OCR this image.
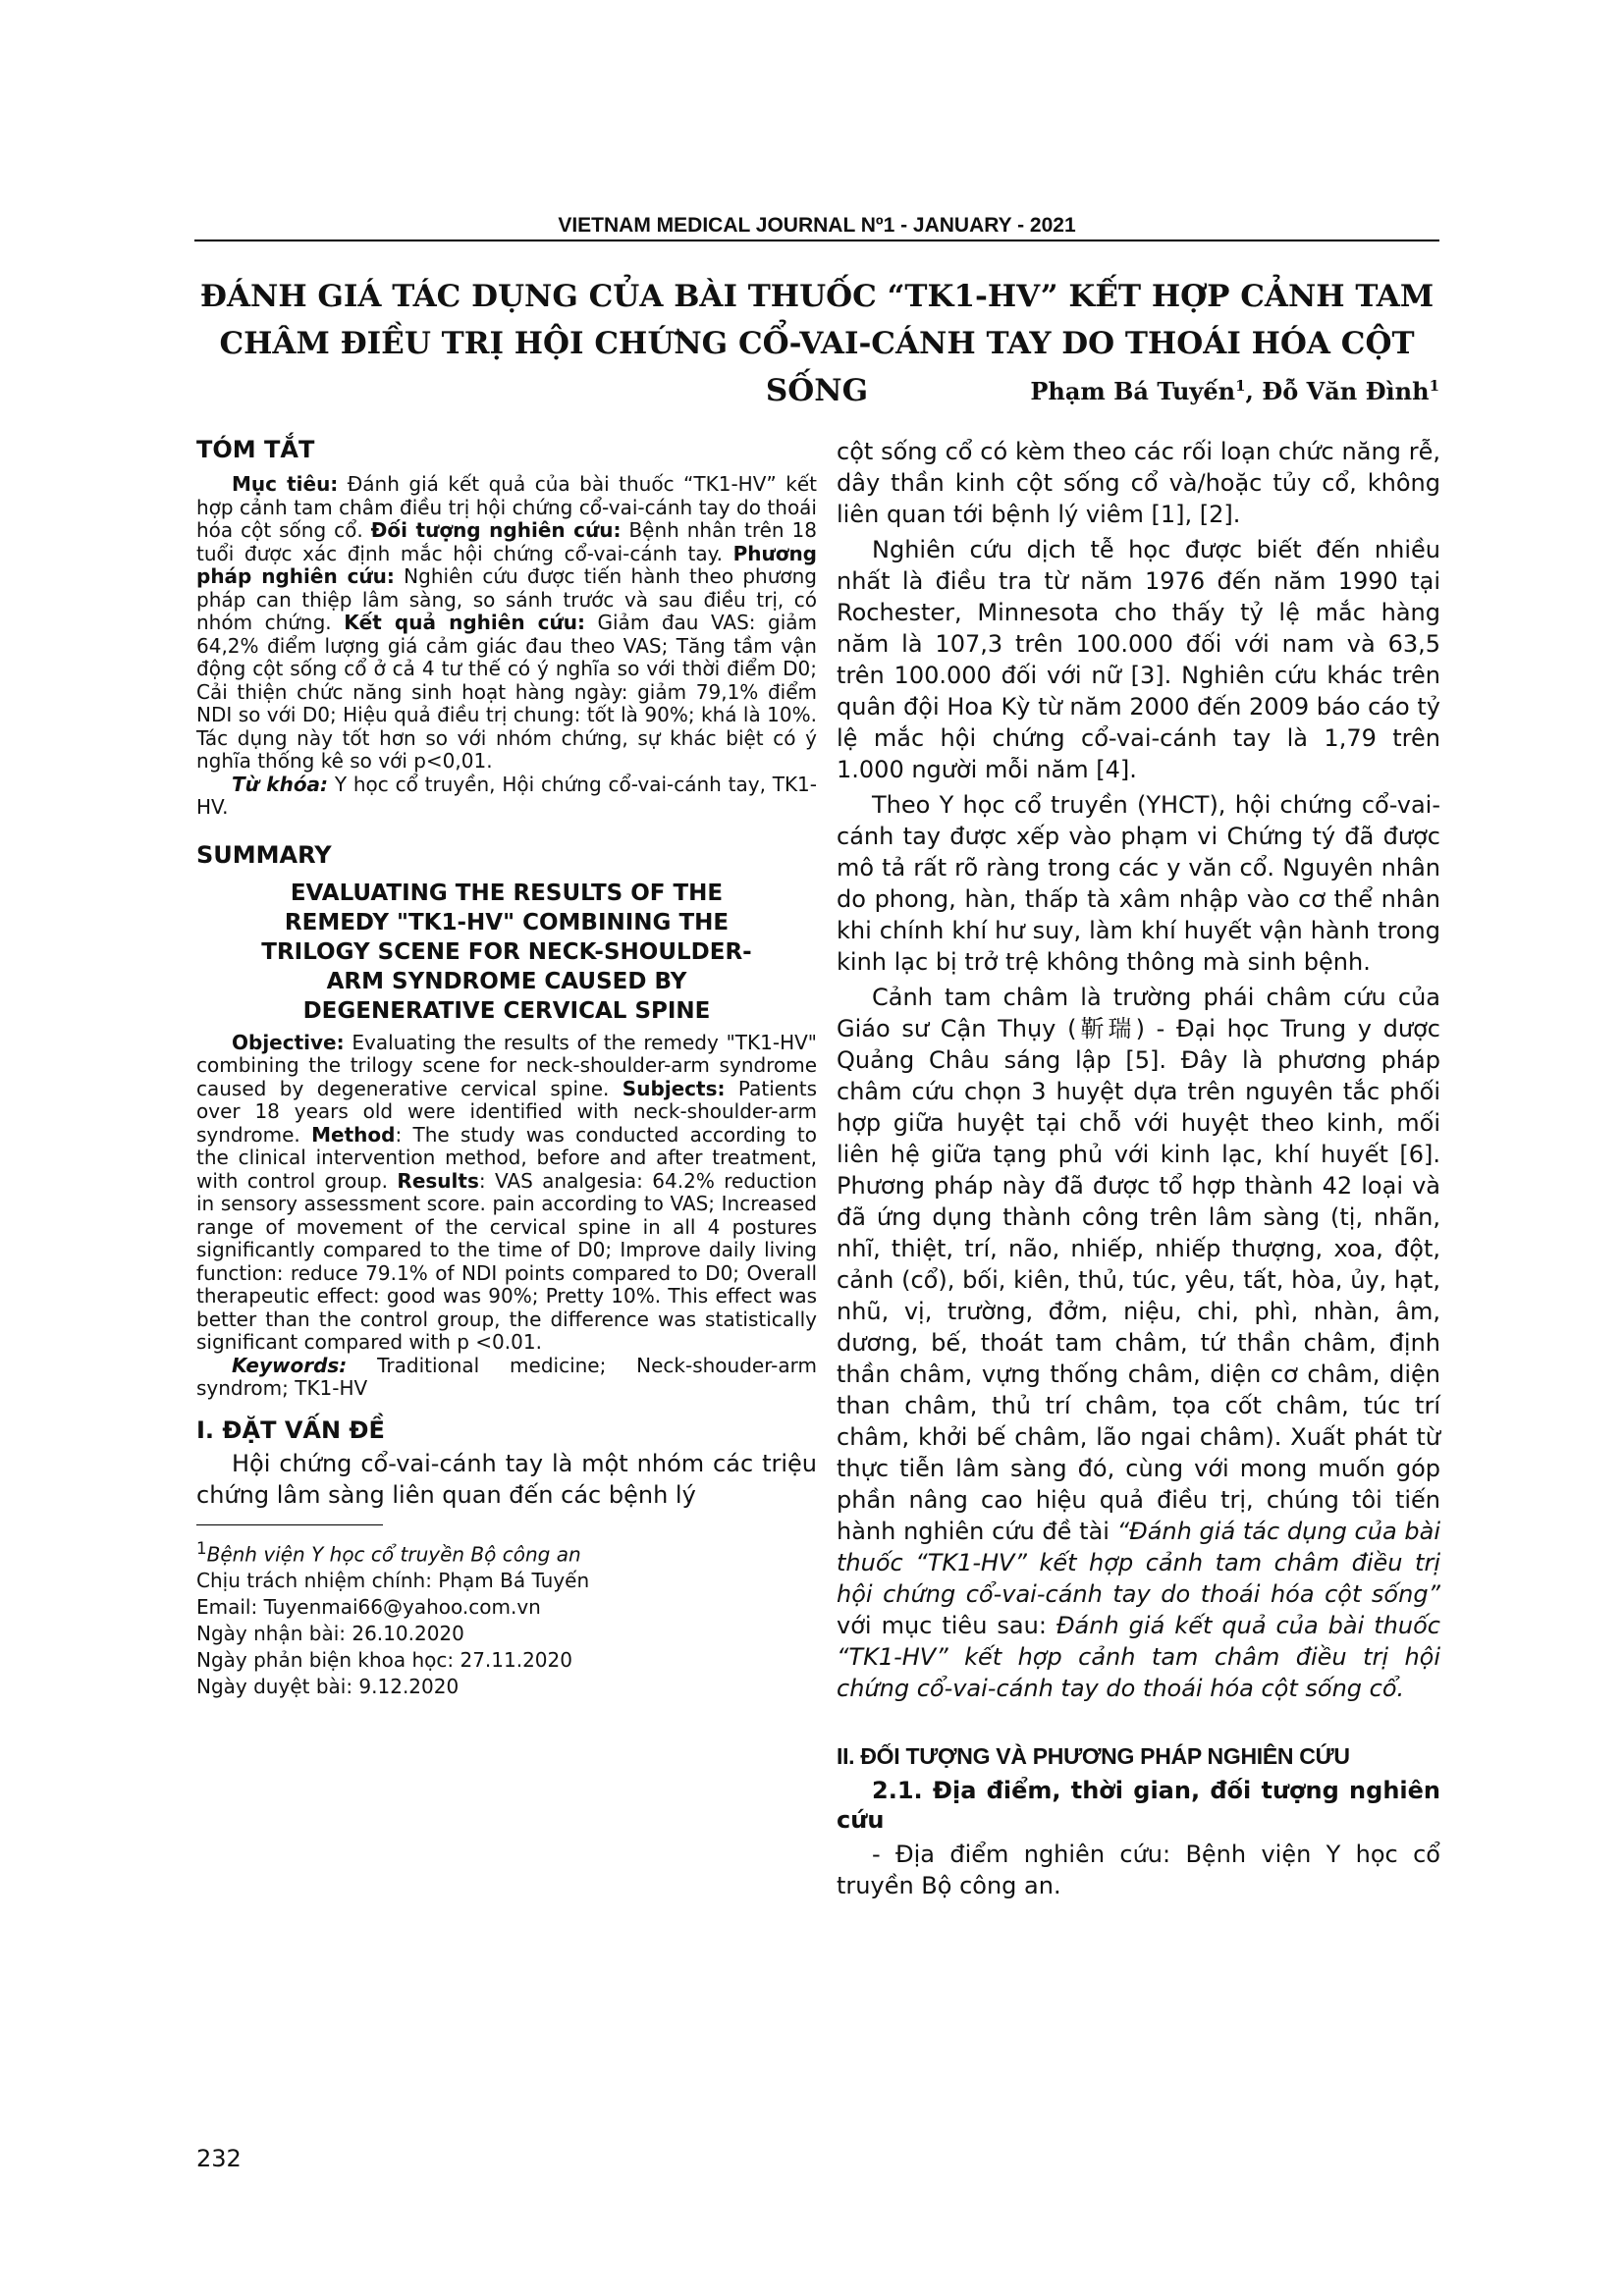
VIETNAM MEDICAL JOURNAL Nº1 - JANUARY - 2021
ĐÁNH GIÁ TÁC DỤNG CỦA BÀI THUỐC “TK1-HV” KẾT HỢP CẢNH TAM
CHÂM ĐIỀU TRỊ HỘI CHỨNG CỔ-VAI-CÁNH TAY DO THOÁI HÓA CỘT SỐNG	Phạm Bá Tuyến$^1$, Đỗ Văn Đình$^1$
TÓM TẮT

Mục tiêu: Đánh giá kết quả của bài thuốc “TK1-HV” kết hợp cảnh tam châm điều trị hội chứng cổ-vai-cánh tay do thoái hóa cột sống cổ. Đối tượng nghiên cứu: Bệnh nhân trên 18 tuổi được xác định mắc hội chứng cổ-vai-cánh tay. Phương pháp nghiên cứu: Nghiên cứu được tiến hành theo phương pháp can thiệp lâm sàng, so sánh trước và sau điều trị, có nhóm chứng. Kết quả nghiên cứu: Giảm đau VAS: giảm 64,2% điểm lượng giá cảm giác đau theo VAS; Tăng tầm vận động cột sống cổ ở cả 4 tư thế có ý nghĩa so với thời điểm D0; Cải thiện chức năng sinh hoạt hàng ngày: giảm 79,1% điểm NDI so với D0; Hiệu quả điều trị chung: tốt là 90%; khá là 10%. Tác dụng này tốt hơn so với nhóm chứng, sự khác biệt có ý nghĩa thống kê so với p<0,01.

Từ khóa: Y học cổ truyền, Hội chứng cổ-vai-cánh tay, TK1-HV.

SUMMARY
EVALUATING THE RESULTS OF THE
REMEDY "TK1-HV" COMBINING THE
TRILOGY SCENE FOR NECK-SHOULDER-
ARM SYNDROME CAUSED BY
DEGENERATIVE CERVICAL SPINE

Objective: Evaluating the results of the remedy "TK1-HV" combining the trilogy scene for neck-shoulder-arm syndrome caused by degenerative cervical spine. Subjects: Patients over 18 years old were identified with neck-shoulder-arm syndrome. Method: The study was conducted according to the clinical intervention method, before and after treatment, with control group. Results: VAS analgesia: 64.2% reduction in sensory assessment score. pain according to VAS; Increased range of movement of the cervical spine in all 4 postures significantly compared to the time of D0; Improve daily living function: reduce 79.1% of NDI points compared to D0; Overall therapeutic effect: good was 90%; Pretty 10%. This effect was better than the control group, the difference was statistically significant compared with p <0.01.

Keywords: Traditional medicine; Neck-shouder-arm syndrom; TK1-HV

I. ĐẶT VẤN ĐỀ

Hội chứng cổ-vai-cánh tay là một nhóm các triệu chứng lâm sàng liên quan đến các bệnh lý

$^1$Bệnh viện Y học cổ truyền Bộ công an

Chịu trách nhiệm chính: Phạm Bá Tuyến

Email: Tuyenmai66@yahoo.com.vn

Ngày nhận bài: 26.10.2020

Ngày phản biện khoa học: 27.11.2020

Ngày duyệt bài: 9.12.2020

cột sống cổ có kèm theo các rối loạn chức năng rễ, dây thần kinh cột sống cổ và/hoặc tủy cổ, không liên quan tới bệnh lý viêm [1], [2].

Nghiên cứu dịch tễ học được biết đến nhiều nhất là điều tra từ năm 1976 đến năm 1990 tại Rochester, Minnesota cho thấy tỷ lệ mắc hàng năm là 107,3 trên 100.000 đối với nam và 63,5 trên 100.000 đối với nữ [3]. Nghiên cứu khác trên quân đội Hoa Kỳ từ năm 2000 đến 2009 báo cáo tỷ lệ mắc hội chứng cổ-vai-cánh tay là 1,79 trên 1.000 người mỗi năm [4].

Theo Y học cổ truyền (YHCT), hội chứng cổ-vai-cánh tay được xếp vào phạm vi Chứng tý đã được mô tả rất rõ ràng trong các y văn cổ. Nguyên nhân do phong, hàn, thấp tà xâm nhập vào cơ thể nhân khi chính khí hư suy, làm khí huyết vận hành trong kinh lạc bị trở trệ không thông mà sinh bệnh.

Cảnh tam châm là trường phái châm cứu của Giáo sư Cận Thụy (靳瑞) - Đại học Trung y dược Quảng Châu sáng lập [5]. Đây là phương pháp châm cứu chọn 3 huyệt dựa trên nguyên tắc phối hợp giữa huyệt tại chỗ với huyệt theo kinh, mối liên hệ giữa tạng phủ với kinh lạc, khí huyết [6]. Phương pháp này đã được tổ hợp thành 42 loại và đã ứng dụng thành công trên lâm sàng (tị, nhãn, nhĩ, thiệt, trí, não, nhiếp, nhiếp thượng, xoa, đột, cảnh (cổ), bối, kiên, thủ, túc, yêu, tất, hòa, ủy, hạt, nhũ, vị, trường, đởm, niệu, chi, phì, nhàn, âm, dương, bế, thoát tam châm, tứ thần châm, định thần châm, vựng thống châm, diện cơ châm, diện than châm, thủ trí châm, tọa cốt châm, túc trí châm, khởi bế châm, lão ngai châm). Xuất phát từ thực tiễn lâm sàng đó, cùng với mong muốn góp phần nâng cao hiệu quả điều trị, chúng tôi tiến hành nghiên cứu đề tài “Đánh giá tác dụng của bài thuốc “TK1-HV” kết hợp cảnh tam châm điều trị hội chứng cổ-vai-cánh tay do thoái hóa cột sống” với mục tiêu sau: Đánh giá kết quả của bài thuốc “TK1-HV” kết hợp cảnh tam châm điều trị hội chứng cổ-vai-cánh tay do thoái hóa cột sống cổ.

II. ĐỐI TƯỢNG VÀ PHƯƠNG PHÁP NGHIÊN CỨU

2.1. Địa điểm, thời gian, đối tượng nghiên cứu

- Địa điểm nghiên cứu: Bệnh viện Y học cổ truyền Bộ công an.

232
